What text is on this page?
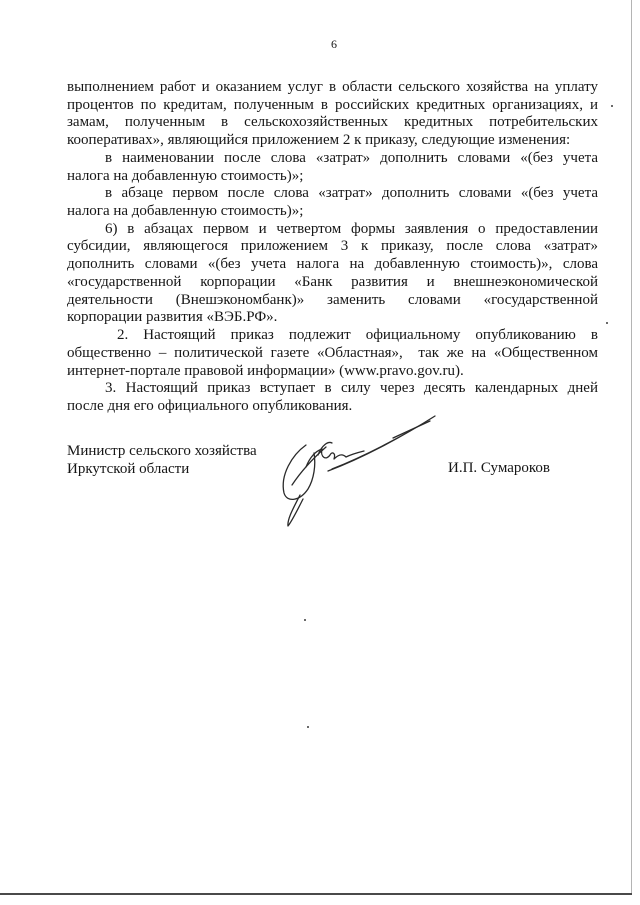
6
выполнением работ и оказанием услуг в области сельского хозяйства на уплату
процентов по кредитам, полученным в российских кредитных организациях, и
замам, полученным в сельскохозяйственных кредитных потребительских
кооперативах», являющийся приложением 2 к приказу, следующие изменения:
в наименовании после слова «затрат» дополнить словами «(без учета
налога на добавленную стоимость)»;
в абзаце первом после слова «затрат» дополнить словами «(без учета
налога на добавленную стоимость)»;
6) в абзацах первом и четвертом формы заявления о предоставлении
субсидии, являющегося приложением 3 к приказу, после слова «затрат»
дополнить словами «(без учета налога на добавленную стоимость)», слова
«государственной корпорации «Банк развития и внешнеэкономической
деятельности (Внешэкономбанк)» заменить словами «государственной
корпорации развития «ВЭБ.РФ».
2. Настоящий приказ подлежит официальному опубликованию в
общественно – политической газете «Областная»,  так же на «Общественном
интернет-портале правовой информации» (www.pravo.gov.ru).
3. Настоящий приказ вступает в силу через десять календарных дней
после дня его официального опубликования.
Министр сельского хозяйства
Иркутской области	И.П. Сумароков
